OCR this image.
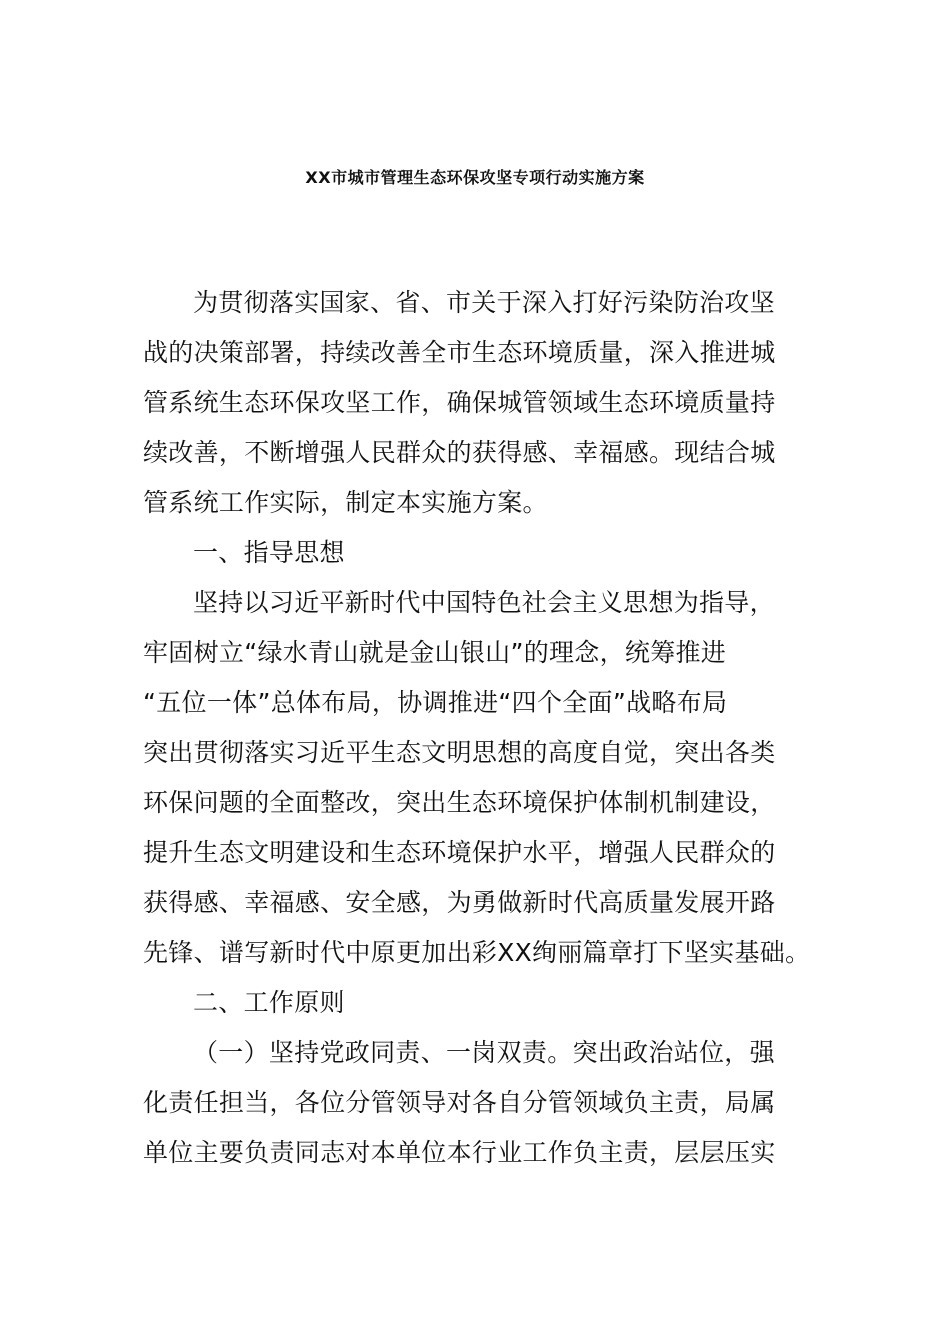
XX市城市管理生态环保攻坚专项行动实施方案
为贯彻落实国家、省、市关于深入打好污染防治攻坚
战的决策部署，持续改善全市生态环境质量，深入推进城
管系统生态环保攻坚工作，确保城管领域生态环境质量持
续改善，不断增强人民群众的获得感、幸福感。现结合城
管系统工作实际，制定本实施方案。
一、指导思想
坚持以习近平新时代中国特色社会主义思想为指导，
牢固树立“绿水青山就是金山银山”的理念，统筹推进
“五位一体”总体布局，协调推进“四个全面”战略布局
突出贯彻落实习近平生态文明思想的高度自觉，突出各类
环保问题的全面整改，突出生态环境保护体制机制建设，
提升生态文明建设和生态环境保护水平，增强人民群众的
获得感、幸福感、安全感，为勇做新时代高质量发展开路
先锋、谱写新时代中原更加出彩XX绚丽篇章打下坚实基础。
二、工作原则
（一）坚持党政同责、一岗双责。突出政治站位，强
化责任担当，各位分管领导对各自分管领域负主责，局属
单位主要负责同志对本单位本行业工作负主责，层层压实
